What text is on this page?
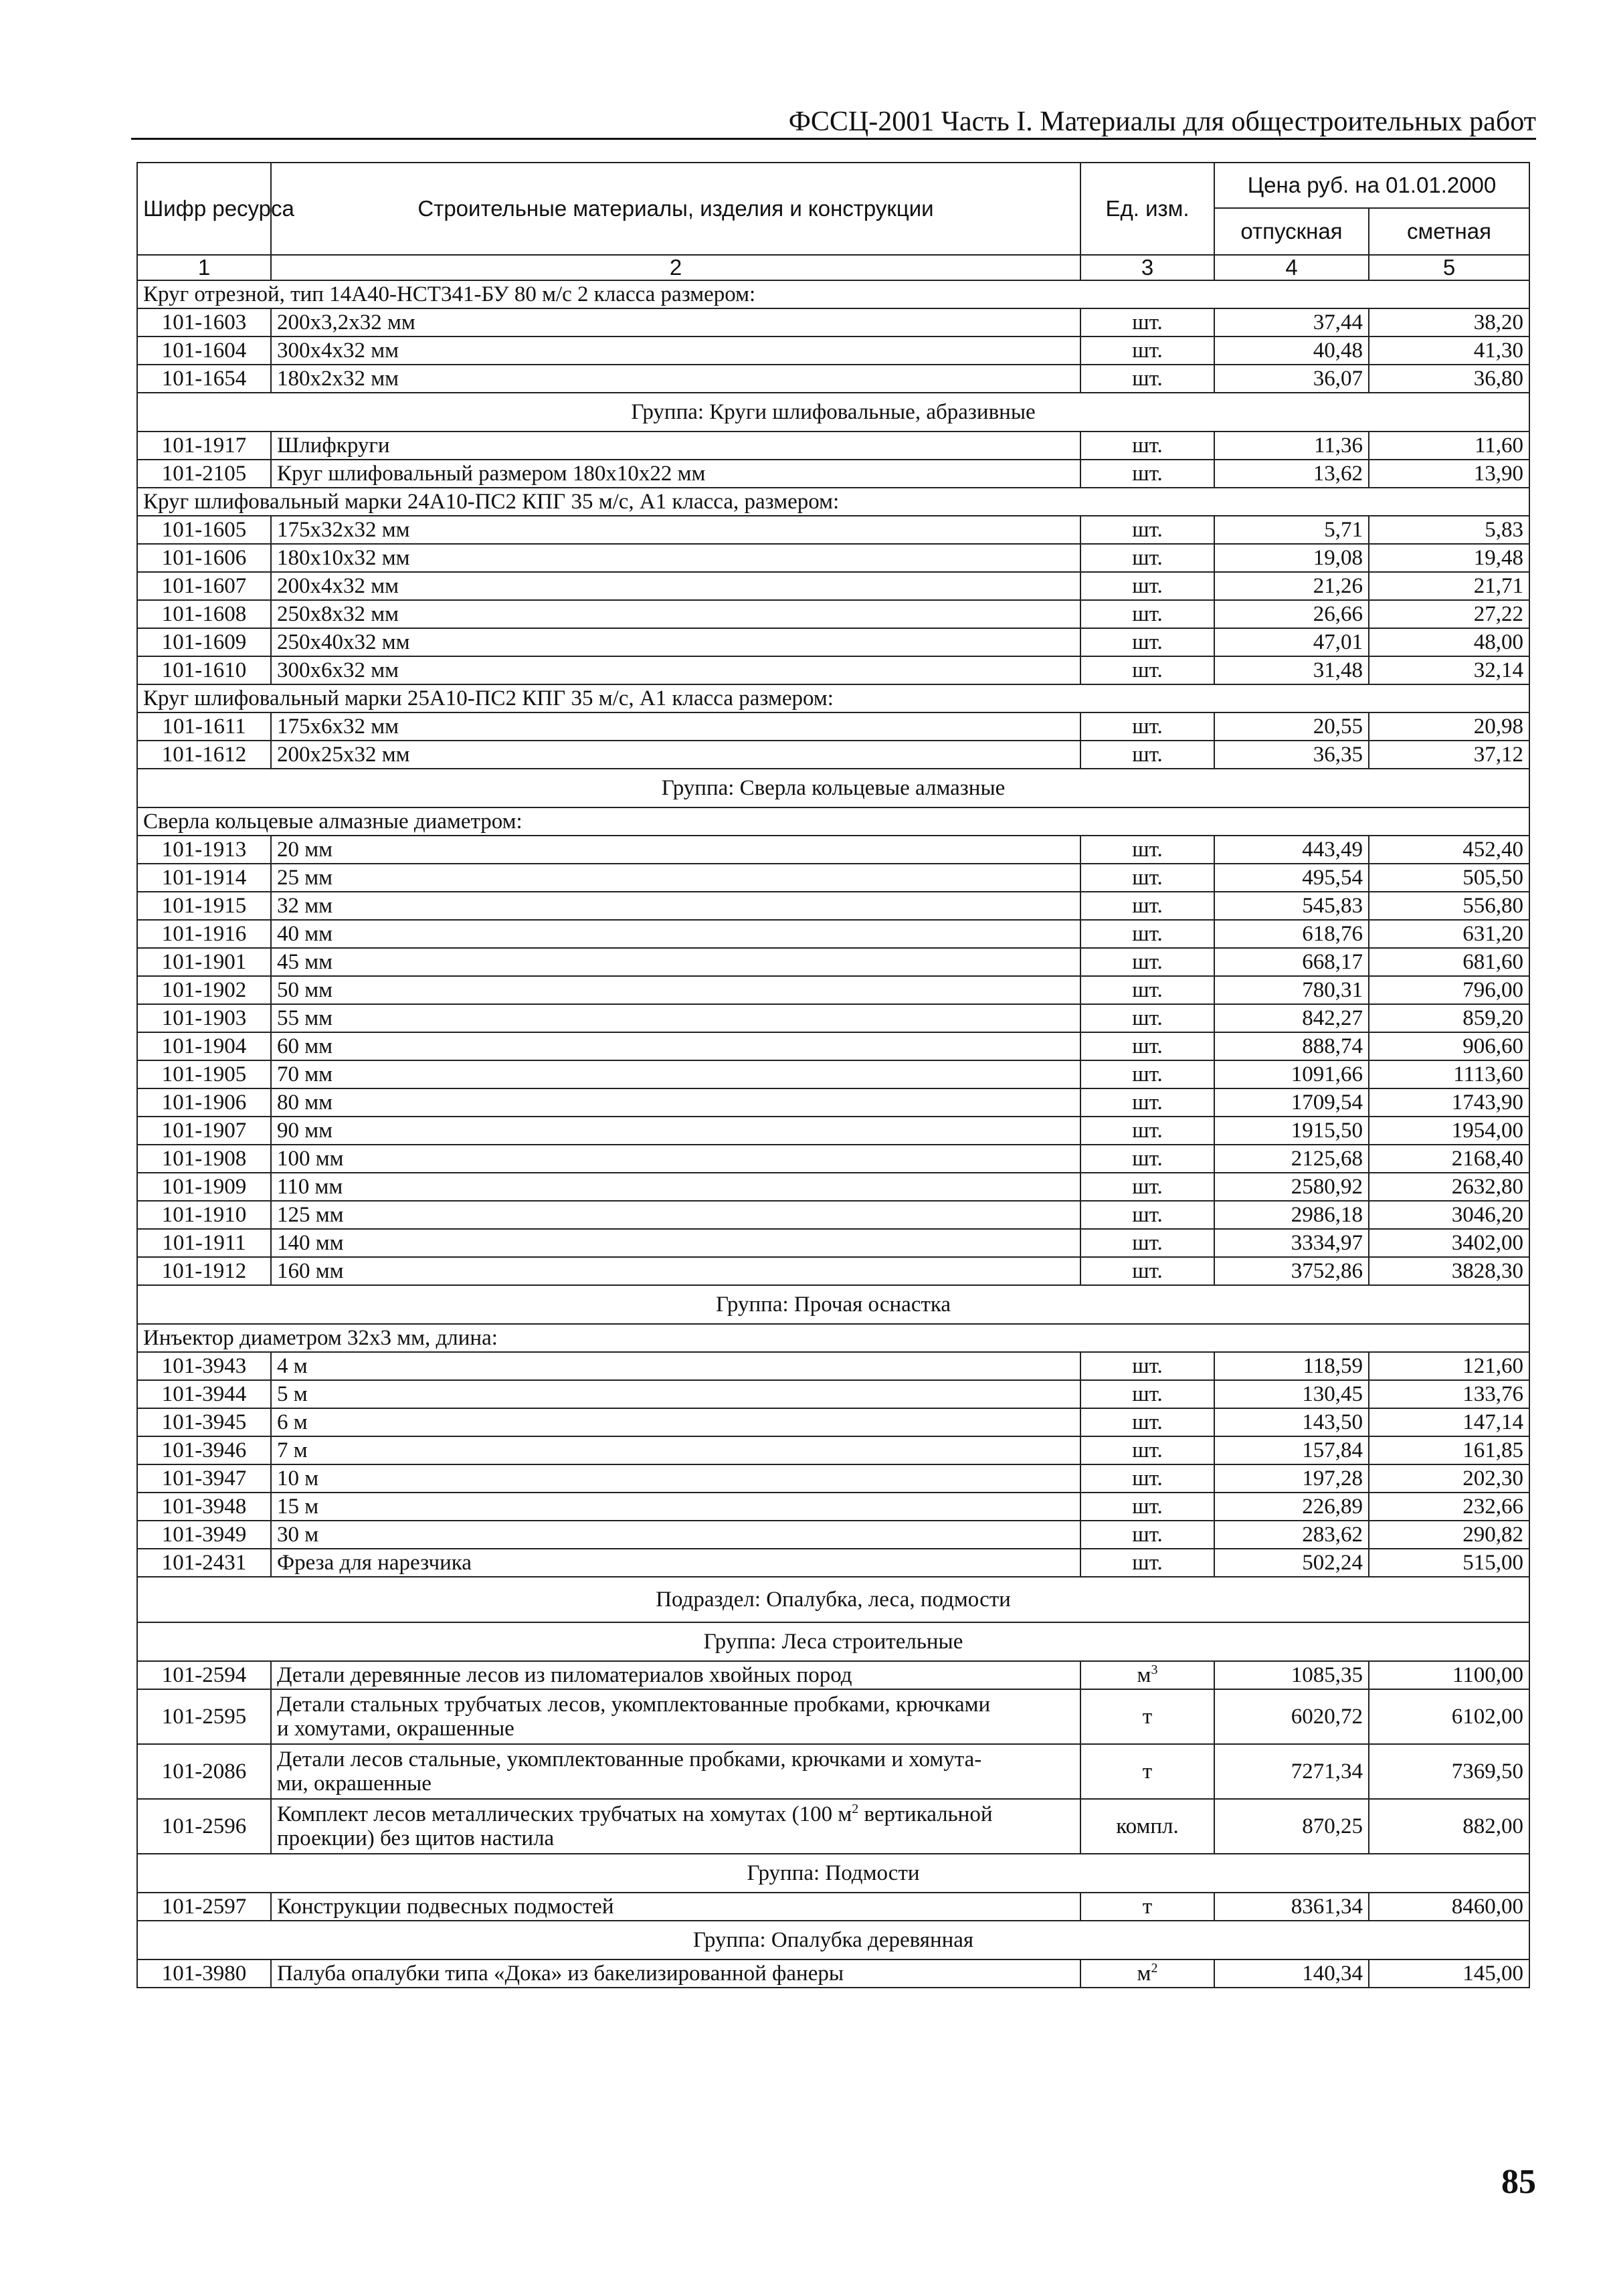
ФССЦ-2001 Часть I. Материалы для общестроительных работ
Шифр ресурса	Строительные материалы, изделия и конструкции	Ед. изм.	Цена руб. на 01.01.2000	
			отпускная	сметная
1	2	3	4	5
Круг отрезной, тип 14А40-НСТ341-БУ 80 м/с 2 класса размером:				
101-1603	200х3,2х32 мм	шт.	37,44	38,20
101-1604	300х4х32 мм	шт.	40,48	41,30
101-1654	180х2х32 мм	шт.	36,07	36,80
Группа: Круги шлифовальные, абразивные				
101-1917	Шлифкруги	шт.	11,36	11,60
101-2105	Круг шлифовальный размером 180х10х22 мм	шт.	13,62	13,90
Круг шлифовальный марки 24А10-ПС2 КПГ 35 м/с, А1 класса, размером:				
101-1605	175х32х32 мм	шт.	5,71	5,83
101-1606	180х10х32 мм	шт.	19,08	19,48
101-1607	200х4х32 мм	шт.	21,26	21,71
101-1608	250х8х32 мм	шт.	26,66	27,22
101-1609	250х40х32 мм	шт.	47,01	48,00
101-1610	300х6х32 мм	шт.	31,48	32,14
Круг шлифовальный марки 25А10-ПС2 КПГ 35 м/с, А1 класса размером:				
101-1611	175х6х32 мм	шт.	20,55	20,98
101-1612	200х25х32 мм	шт.	36,35	37,12
Группа: Сверла кольцевые алмазные				
Сверла кольцевые алмазные диаметром:				
101-1913	20 мм	шт.	443,49	452,40
101-1914	25 мм	шт.	495,54	505,50
101-1915	32 мм	шт.	545,83	556,80
101-1916	40 мм	шт.	618,76	631,20
101-1901	45 мм	шт.	668,17	681,60
101-1902	50 мм	шт.	780,31	796,00
101-1903	55 мм	шт.	842,27	859,20
101-1904	60 мм	шт.	888,74	906,60
101-1905	70 мм	шт.	1091,66	1113,60
101-1906	80 мм	шт.	1709,54	1743,90
101-1907	90 мм	шт.	1915,50	1954,00
101-1908	100 мм	шт.	2125,68	2168,40
101-1909	110 мм	шт.	2580,92	2632,80
101-1910	125 мм	шт.	2986,18	3046,20
101-1911	140 мм	шт.	3334,97	3402,00
101-1912	160 мм	шт.	3752,86	3828,30
Группа: Прочая оснастка				
Инъектор диаметром 32х3 мм, длина:				
101-3943	4 м	шт.	118,59	121,60
101-3944	5 м	шт.	130,45	133,76
101-3945	6 м	шт.	143,50	147,14
101-3946	7 м	шт.	157,84	161,85
101-3947	10 м	шт.	197,28	202,30
101-3948	15 м	шт.	226,89	232,66
101-3949	30 м	шт.	283,62	290,82
101-2431	Фреза для нарезчика	шт.	502,24	515,00
Подраздел: Опалубка, леса, подмости				
Группа: Леса строительные				
101-2594	Детали деревянные лесов из пиломатериалов хвойных пород	$м^3$	1085,35	1100,00
101-2595	Детали стальных трубчатых лесов, укомплектованные пробками, крючками
и хомутами, окрашенные	т	6020,72	6102,00
101-2086	Детали лесов стальные, укомплектованные пробками, крючками и хомута-
ми, окрашенные	т	7271,34	7369,50
101-2596	Комплект лесов металлических трубчатых на хомутах (100 $м^2$ вертикальной
проекции) без щитов настила	компл.	870,25	882,00
Группа: Подмости				
101-2597	Конструкции подвесных подмостей	т	8361,34	8460,00
Группа: Опалубка деревянная				
101-3980	Палуба опалубки типа «Дока» из бакелизированной фанеры	$м^2$	140,34	145,00
85
